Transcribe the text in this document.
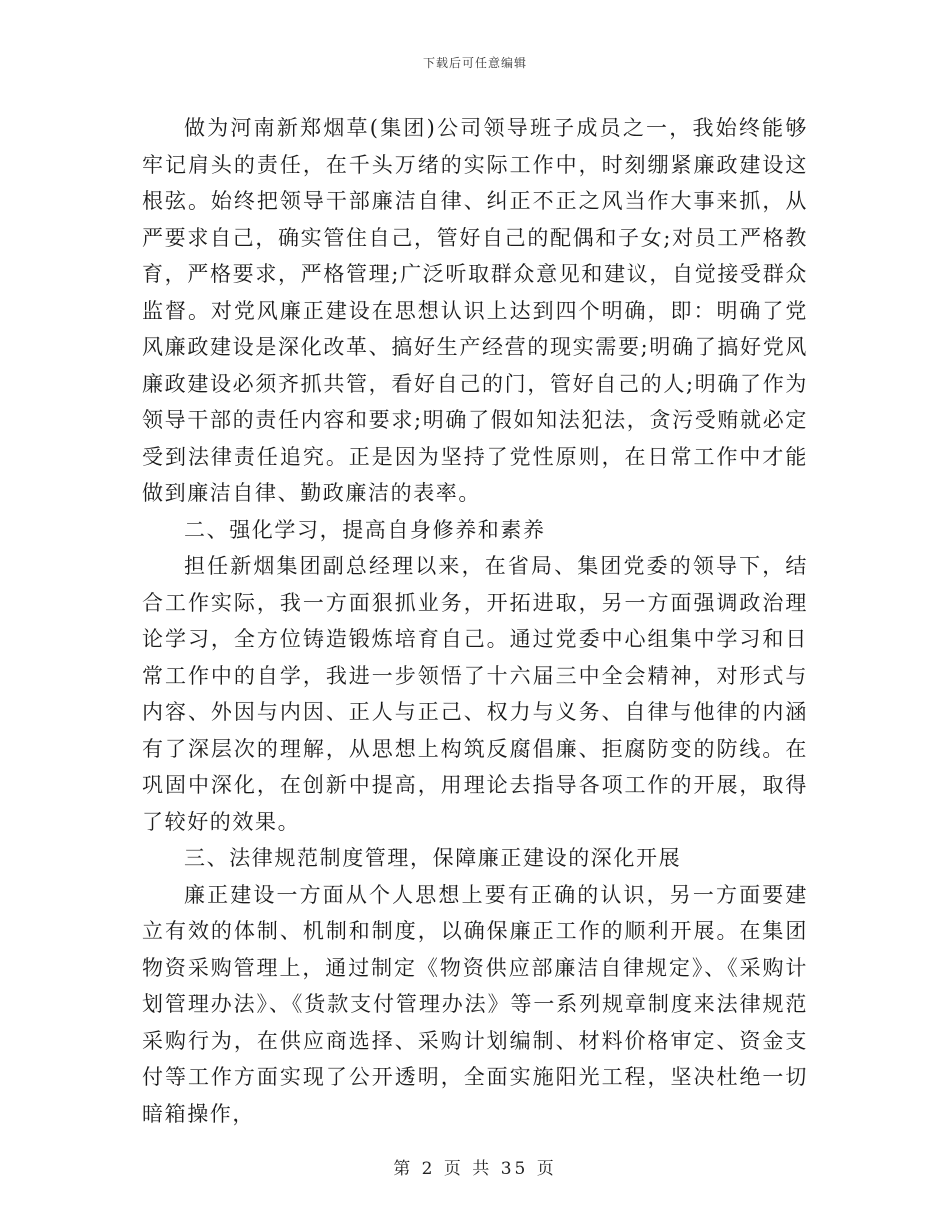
下载后可任意编辑

做为河南新郑烟草(集团)公司领导班子成员之一，我始终能够牢记肩头的责任，在千头万绪的实际工作中，时刻绷紧廉政建设这根弦。始终把领导干部廉洁自律、纠正不正之风当作大事来抓，从严要求自己，确实管住自己，管好自己的配偶和子女;对员工严格教育，严格要求，严格管理;广泛听取群众意见和建议，自觉接受群众监督。对党风廉正建设在思想认识上达到四个明确，即：明确了党风廉政建设是深化改革、搞好生产经营的现实需要;明确了搞好党风廉政建设必须齐抓共管，看好自己的门，管好自己的人;明确了作为领导干部的责任内容和要求;明确了假如知法犯法，贪污受贿就必定受到法律责任追究。正是因为坚持了党性原则，在日常工作中才能做到廉洁自律、勤政廉洁的表率。

二、强化学习，提高自身修养和素养

担任新烟集团副总经理以来，在省局、集团党委的领导下，结合工作实际，我一方面狠抓业务，开拓进取，另一方面强调政治理论学习，全方位铸造锻炼培育自己。通过党委中心组集中学习和日常工作中的自学，我进一步领悟了十六届三中全会精神，对形式与内容、外因与内因、正人与正己、权力与义务、自律与他律的内涵有了深层次的理解，从思想上构筑反腐倡廉、拒腐防变的防线。在巩固中深化，在创新中提高，用理论去指导各项工作的开展，取得了较好的效果。

三、法律规范制度管理，保障廉正建设的深化开展

廉正建设一方面从个人思想上要有正确的认识，另一方面要建立有效的体制、机制和制度，以确保廉正工作的顺利开展。在集团物资采购管理上，通过制定《物资供应部廉洁自律规定》、《采购计划管理办法》、《货款支付管理办法》等一系列规章制度来法律规范采购行为，在供应商选择、采购计划编制、材料价格审定、资金支付等工作方面实现了公开透明，全面实施阳光工程，坚决杜绝一切暗箱操作，

第 2 页 共 35 页
